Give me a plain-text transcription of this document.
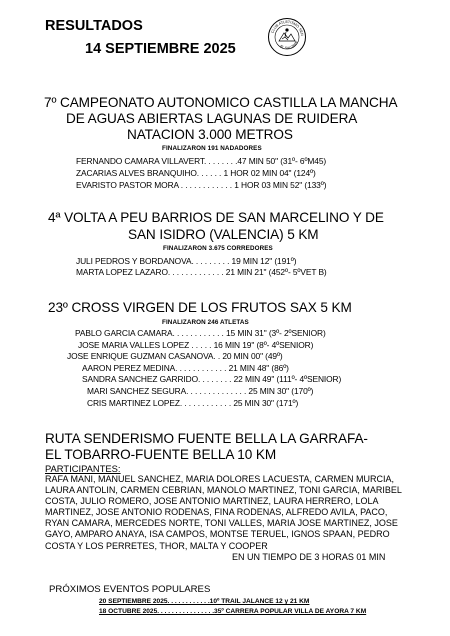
RESULTADOS
14 SEPTIEMBRE 2025
CLUB ATLETISMO SEN
EL SALOBRE
7º CAMPEONATO AUTONOMICO CASTILLA LA MANCHA
DE AGUAS ABIERTAS LAGUNAS DE RUIDERA
NATACION 3.000 METROS
FINALIZARON 191 NADADORES
FERNANDO CAMARA VILLAVERT. . . . . . . .47 MIN 50" (31º- 6ºM45)
ZACARIAS ALVES BRANQUIHO. . . . . . 1 HOR 02 MIN 04" (124º)
EVARISTO PASTOR MORA . . . . . . . . . . . . 1 HOR 03 MIN 52" (133º)
4ª VOLTA A PEU BARRIOS DE SAN MARCELINO Y DE
SAN ISIDRO (VALENCIA) 5 KM
FINALIZARON 3.675 CORREDORES
JULI PEDROS Y BORDANOVA. . . . . . . . . 19 MIN 12" (191º)
MARTA LOPEZ LAZARO. . . . . . . . . . . . . 21 MIN 21" (452º- 5ºVET B)
23º CROSS VIRGEN DE LOS FRUTOS SAX 5 KM
FINALIZARON 246 ATLETAS
PABLO GARCIA CAMARA. . . . . . . . . . . . 15 MIN 31" (3º- 2ºSENIOR)
JOSE MARIA VALLES LOPEZ . . . . . 16 MIN 19" (8º- 4ºSENIOR)
JOSE ENRIQUE GUZMAN CASANOVA. . 20 MIN 00" (49º)
AARON PEREZ MEDINA. . . . . . . . . . . . 21 MIN 48" (86º)
SANDRA SANCHEZ GARRIDO. . . . . . . . 22 MIN 49" (111º- 4ºSENIOR)
MARI SANCHEZ SEGURA. . . . . . . . . . . . . . 25 MIN 30" (170º)
CRIS MARTINEZ LOPEZ. . . . . . . . . . . . 25 MIN 30" (171º)
RUTA SENDERISMO FUENTE BELLA LA GARRAFA-
EL TOBARRO-FUENTE BELLA 10 KM
PARTICIPANTES:
RAFA MANI, MANUEL SANCHEZ, MARIA DOLORES LACUESTA, CARMEN MURCIA,
LAURA ANTOLIN, CARMEN CEBRIAN, MANOLO MARTINEZ, TONI GARCIA, MARIBEL
COSTA, JULIO ROMERO, JOSE ANTONIO MARTINEZ, LAURA HERRERO, LOLA
MARTINEZ, JOSE ANTONIO RODENAS, FINA RODENAS, ALFREDO AVILA, PACO,
RYAN CAMARA, MERCEDES NORTE, TONI VALLES, MARIA JOSE MARTINEZ, JOSE
GAYO, AMPARO ANAYA, ISA CAMPOS, MONTSE TERUEL, IGNOS SPAAN, PEDRO
COSTA Y LOS PERRETES, THOR, MALTA Y COOPER
EN UN TIEMPO DE 3 HORAS 01 MIN
PRÓXIMOS EVENTOS POPULARES
20 SEPTIEMBRE 2025. . . . . . . . . . . .10º TRAIL JALANCE 12 y 21 KM
18 OCTUBRE 2025. . . . . . . . . . . . . . . .35º CARRERA POPULAR VILLA DE AYORA 7 KM
